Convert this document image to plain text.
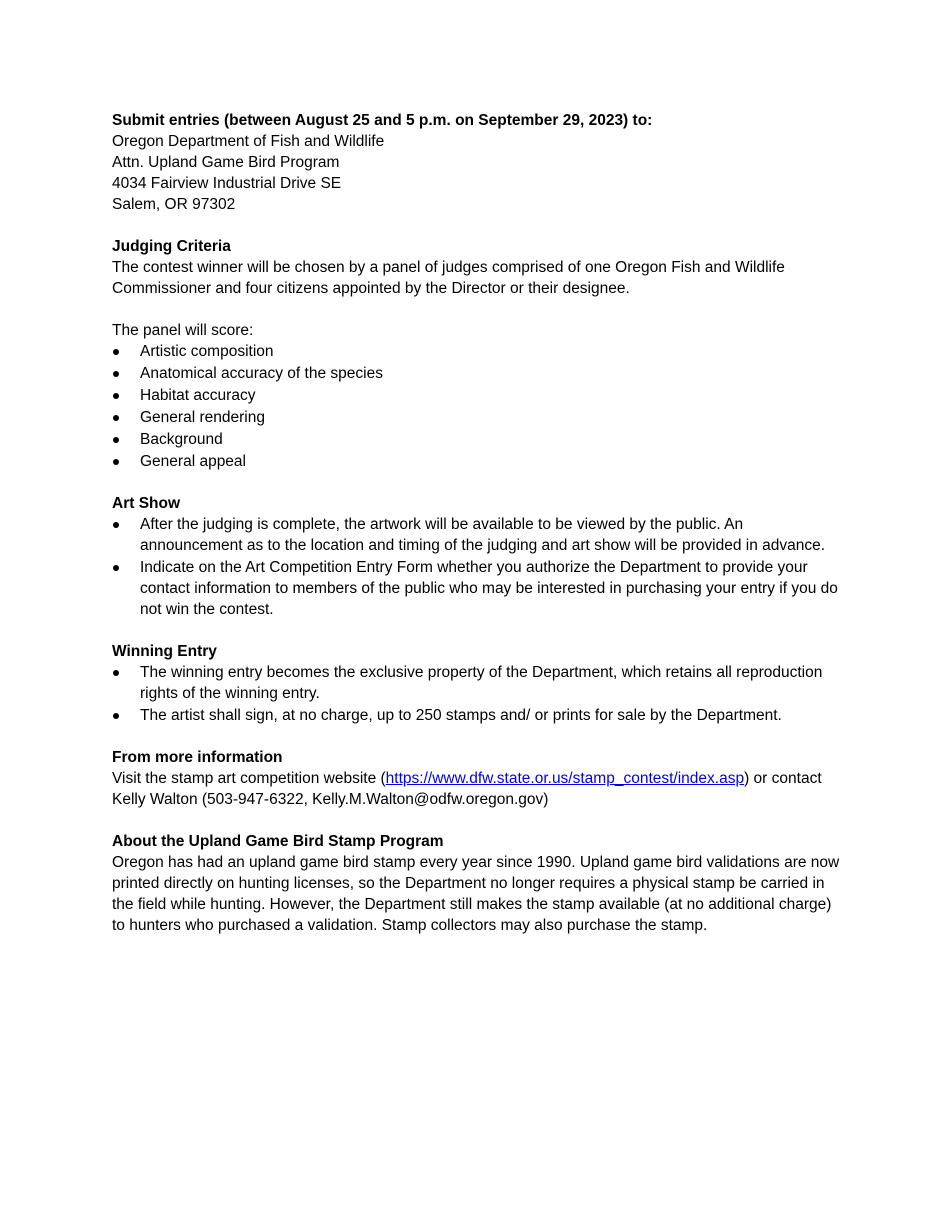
Submit entries (between August 25 and 5 p.m. on September 29, 2023) to:

Oregon Department of Fish and Wildlife

Attn. Upland Game Bird Program

4034 Fairview Industrial Drive SE

Salem, OR 97302

Judging Criteria

The contest winner will be chosen by a panel of judges comprised of one Oregon Fish and Wildlife Commissioner and four citizens appointed by the Director or their designee.

The panel will score:

Artistic composition
Anatomical accuracy of the species
Habitat accuracy
General rendering
Background
General appeal

Art Show

After the judging is complete, the artwork will be available to be viewed by the public. An announcement as to the location and timing of the judging and art show will be provided in advance.
Indicate on the Art Competition Entry Form whether you authorize the Department to provide your contact information to members of the public who may be interested in purchasing your entry if you do not win the contest.

Winning Entry

The winning entry becomes the exclusive property of the Department, which retains all reproduction rights of the winning entry.
The artist shall sign, at no charge, up to 250 stamps and/ or prints for sale by the Department.

From more information

Visit the stamp art competition website (https://www.dfw.state.or.us/stamp_contest/index.asp) or contact Kelly Walton (503-947-6322, Kelly.M.Walton@odfw.oregon.gov)

About the Upland Game Bird Stamp Program

Oregon has had an upland game bird stamp every year since 1990. Upland game bird validations are now printed directly on hunting licenses, so the Department no longer requires a physical stamp be carried in the field while hunting. However, the Department still makes the stamp available (at no additional charge) to hunters who purchased a validation. Stamp collectors may also purchase the stamp.
